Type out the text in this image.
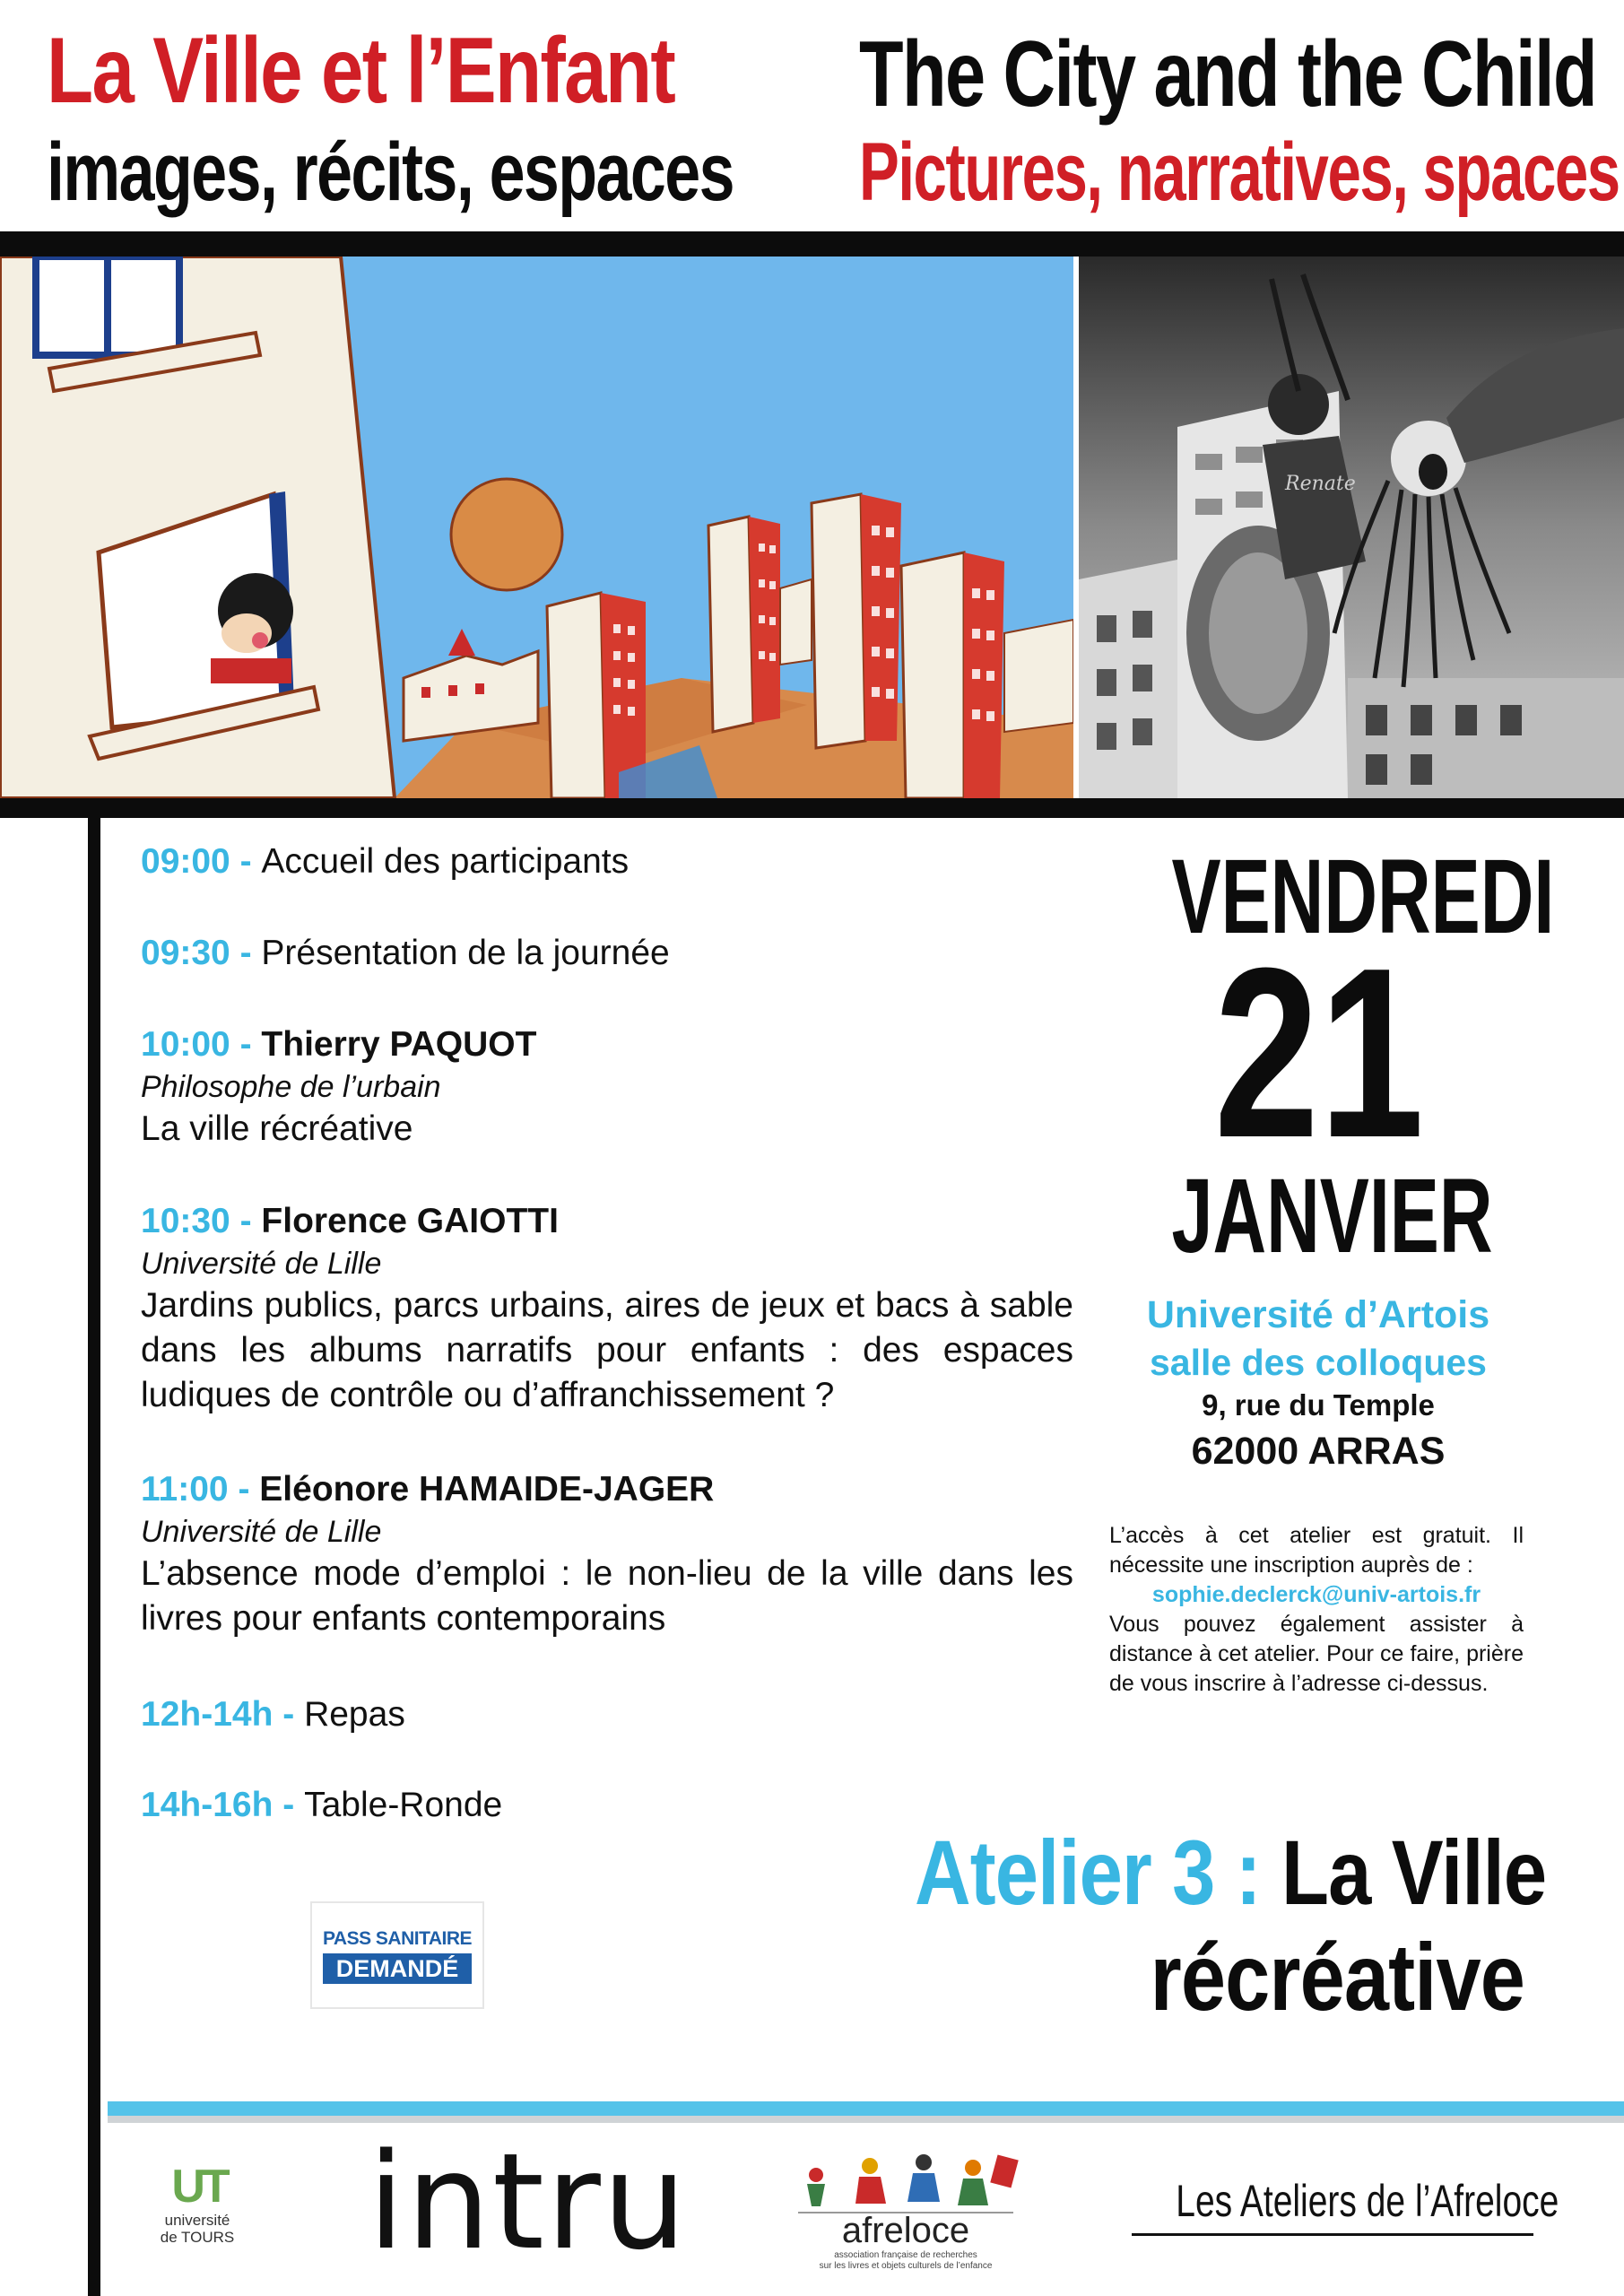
La Ville et l’Enfant
images, récits, espaces
The City and the Child
Pictures, narratives, spaces
Renate
09:00 - Accueil des participants
09:30 - Présentation de la journée
10:00 - Thierry PAQUOT
Philosophe de l’urbain
La ville récréative
10:30 - Florence GAIOTTI
Université de Lille
Jardins publics, parcs urbains, aires de jeux et bacs à sable dans les albums narratifs pour enfants : des espaces ludiques de contrôle ou d’affranchissement ?
11:00 - Eléonore HAMAIDE-JAGER
Université de Lille
L’absence mode d’emploi : le non-lieu de la ville dans les livres pour enfants contemporains
12h-14h - Repas
14h-16h - Table-Ronde
PASS SANITAIRE
DEMANDÉ
VENDREDI
21
JANVIER
Université d’Artois
salle des colloques
9, rue du Temple
62000 ARRAS
L’accès à cet atelier est gratuit. Il nécessite une inscription auprès de :
sophie.declerck@univ-artois.fr
Vous pouvez également assister à distance à cet atelier. Pour ce faire, prière de vous inscrire à l’adresse ci-dessus.
Atelier 3 : La Ville
récréative
UT
université
de TOURS intru	afreloce
association française de recherches
sur les livres et objets culturels de l’enfance
Les Ateliers de l’Afreloce
